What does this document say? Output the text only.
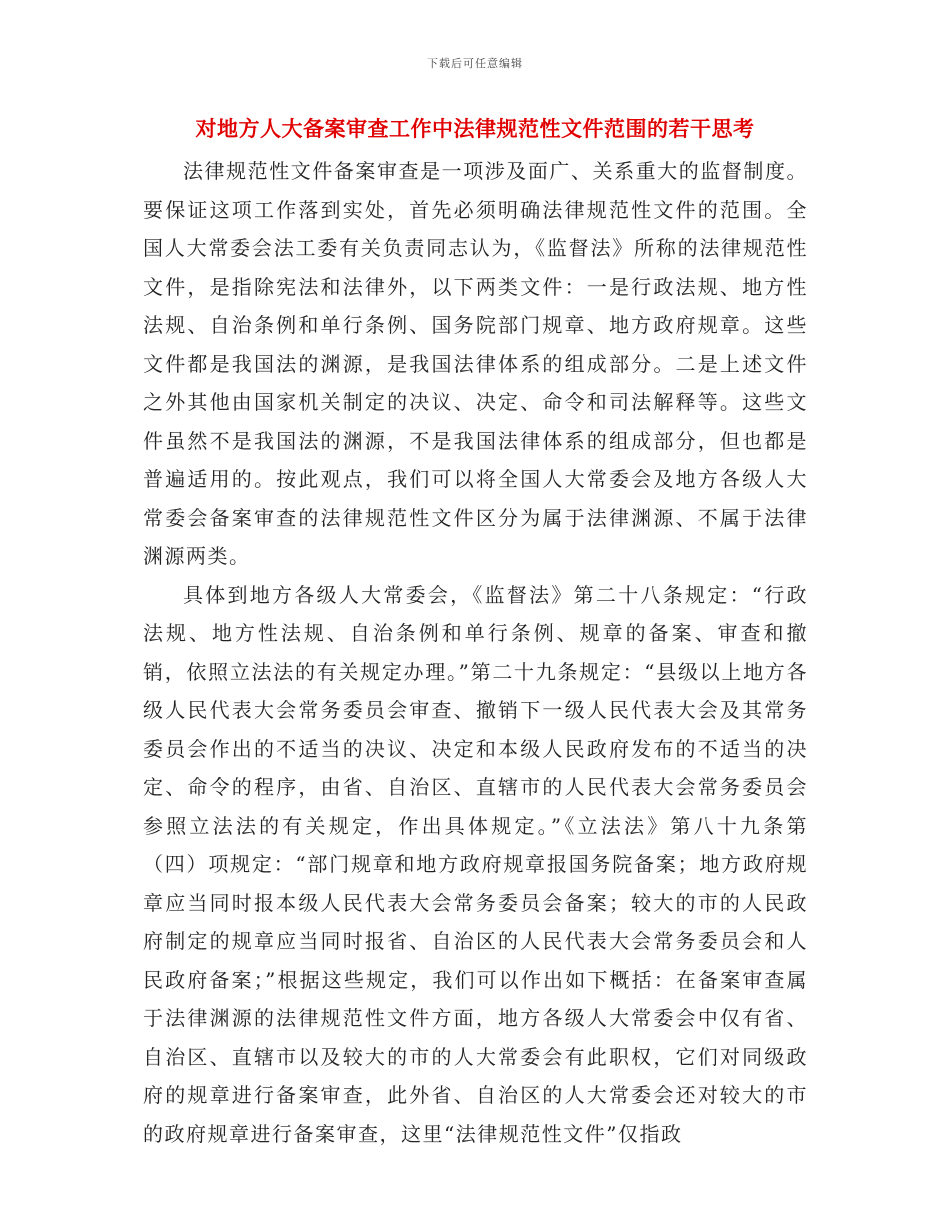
下载后可任意编辑
对地方人大备案审查工作中法律规范性文件范围的若干思考

法律规范性文件备案审查是一项涉及面广、关系重大的监督制度。要保证这项工作落到实处，首先必须明确法律规范性文件的范围。全国人大常委会法工委有关负责同志认为，《监督法》所称的法律规范性文件，是指除宪法和法律外，以下两类文件：一是行政法规、地方性法规、自治条例和单行条例、国务院部门规章、地方政府规章。这些文件都是我国法的渊源，是我国法律体系的组成部分。二是上述文件之外其他由国家机关制定的决议、决定、命令和司法解释等。这些文件虽然不是我国法的渊源，不是我国法律体系的组成部分，但也都是普遍适用的。按此观点，我们可以将全国人大常委会及地方各级人大常委会备案审查的法律规范性文件区分为属于法律渊源、不属于法律渊源两类。

具体到地方各级人大常委会，《监督法》第二十八条规定：“行政法规、地方性法规、自治条例和单行条例、规章的备案、审查和撤销，依照立法法的有关规定办理。”第二十九条规定：“县级以上地方各级人民代表大会常务委员会审查、撤销下一级人民代表大会及其常务委员会作出的不适当的决议、决定和本级人民政府发布的不适当的决定、命令的程序，由省、自治区、直辖市的人民代表大会常务委员会参照立法法的有关规定，作出具体规定。”《立法法》第八十九条第（四）项规定：“部门规章和地方政府规章报国务院备案；地方政府规章应当同时报本级人民代表大会常务委员会备案；较大的市的人民政府制定的规章应当同时报省、自治区的人民代表大会常务委员会和人民政府备案；”根据这些规定，我们可以作出如下概括：在备案审查属于法律渊源的法律规范性文件方面，地方各级人大常委会中仅有省、自治区、直辖市以及较大的市的人大常委会有此职权，它们对同级政府的规章进行备案审查，此外省、自治区的人大常委会还对较大的市的政府规章进行备案审查，这里“法律规范性文件”仅指政
